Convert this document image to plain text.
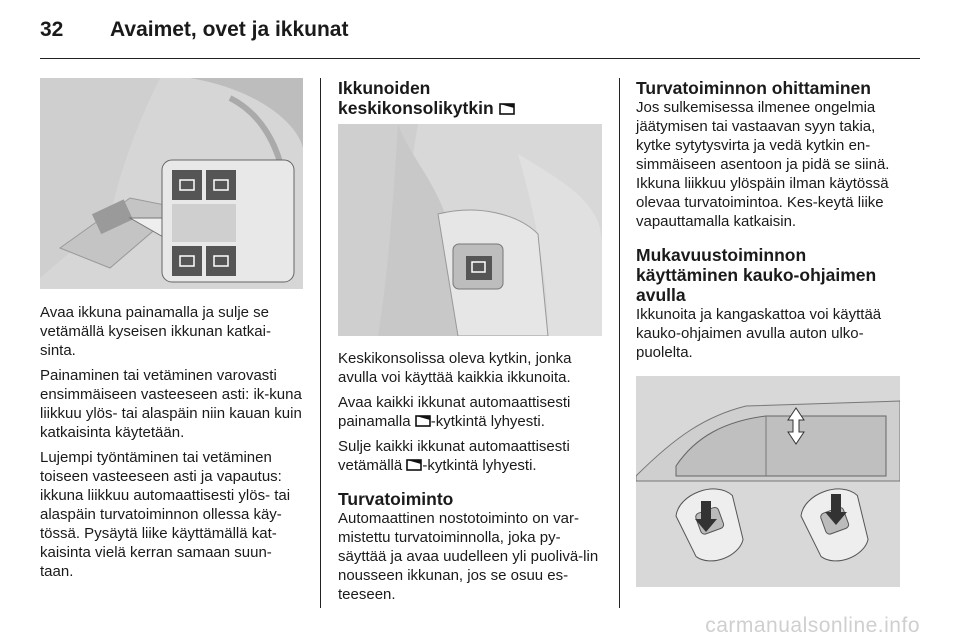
32 Avaimet, ovet ja ikkunat

Avaa ikkuna painamalla ja sulje se vetämällä kyseisen ikkunan katkai-sinta.

Painaminen tai vetäminen varovasti ensimmäiseen vasteeseen asti: ik-kuna liikkuu ylös- tai alaspäin niin kauan kuin katkaisinta käytetään.

Lujempi työntäminen tai vetäminen toiseen vasteeseen asti ja vapautus: ikkuna liikkuu automaattisesti ylös- tai alaspäin turvatoiminnon ollessa käy-tössä. Pysäytä liike käyttämällä kat-kaisinta vielä kerran samaan suun-taan.

Ikkunoiden
keskikonsolikytkin

Keskikonsolissa oleva kytkin, jonka avulla voi käyttää kaikkia ikkunoita.

Avaa kaikki ikkunat automaattisesti painamalla -kytkintä lyhyesti.

Sulje kaikki ikkunat automaattisesti vetämällä -kytkintä lyhyesti.

Turvatoiminto

Automaattinen nostotoiminto on var-mistettu turvatoiminnolla, joka py-säyttää ja avaa uudelleen yli puolivä-lin nousseen ikkunan, jos se osuu es-teeseen.

Turvatoiminnon ohittaminen

Jos sulkemisessa ilmenee ongelmia jäätymisen tai vastaavan syyn takia, kytke sytytysvirta ja vedä kytkin en-simmäiseen asentoon ja pidä se siinä. Ikkuna liikkuu ylöspäin ilman käytössä olevaa turvatoimintoa. Kes-keytä liike vapauttamalla katkaisin.

Mukavuustoiminnon
käyttäminen kauko-ohjaimen
avulla

Ikkunoita ja kangaskattoa voi käyttää kauko-ohjaimen avulla auton ulko-puolelta.

carmanualsonline.info
